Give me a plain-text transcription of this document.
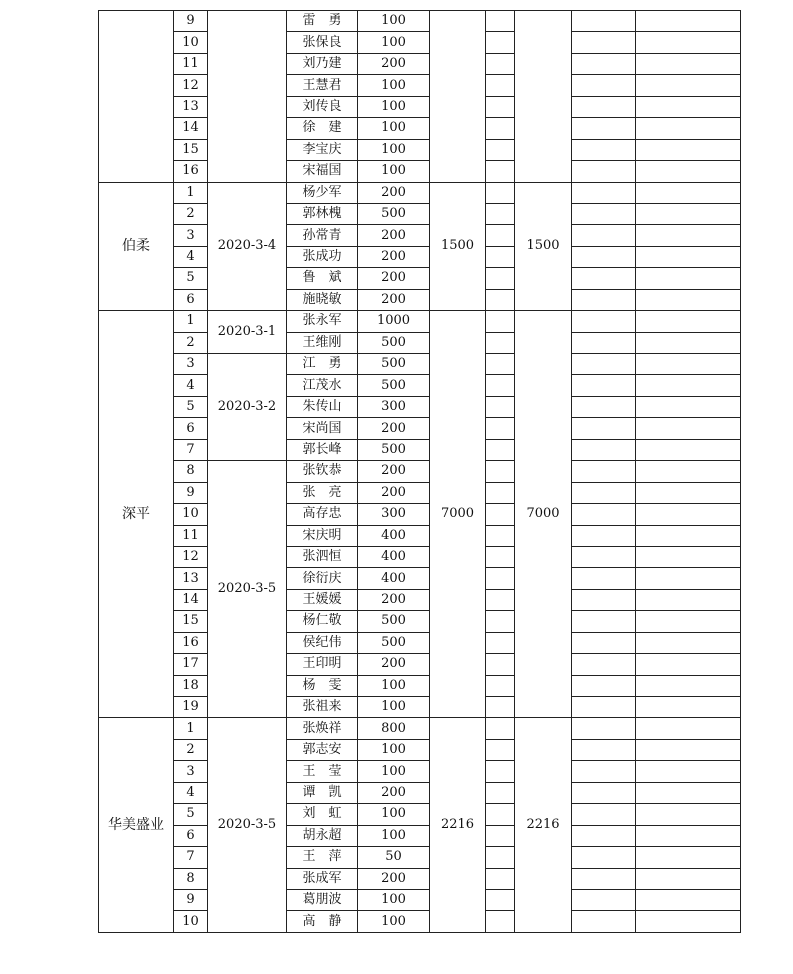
	9		雷　勇	100					
	10		张保良	100					
	11		刘乃建	200					
	12		王慧君	100					
	13		刘传良	100					
	14		徐　建	100					
	15		李宝庆	100					
	16		宋福国	100					
伯柔	1	2020-3-4	杨少军	200	1500		1500		
	2		郭林槐	500					
	3		孙常青	200					
	4		张成功	200					
	5		鲁　斌	200					
	6		施晓敏	200					
深平	1	2020-3-1	张永军	1000	7000		7000		
	2		王维刚	500					
	3	2020-3-2	江　勇	500					
	4		江茂水	500					
	5		朱传山	300					
	6		宋尚国	200					
	7		郭长峰	500					
	8	2020-3-5	张钦恭	200					
	9		张　亮	200					
	10		高存忠	300					
	11		宋庆明	400					
	12		张泗恒	400					
	13		徐衍庆	400					
	14		王媛媛	200					
	15		杨仁敬	500					
	16		侯纪伟	500					
	17		王印明	200					
	18		杨　雯	100					
	19		张祖来	100					
华美盛业	1	2020-3-5	张焕祥	800	2216		2216		
	2		郭志安	100					
	3		王　莹	100					
	4		谭　凯	200					
	5		刘　虹	100					
	6		胡永超	100					
	7		王　萍	50					
	8		张成军	200					
	9		葛朋波	100					
	10		高　静	100					
